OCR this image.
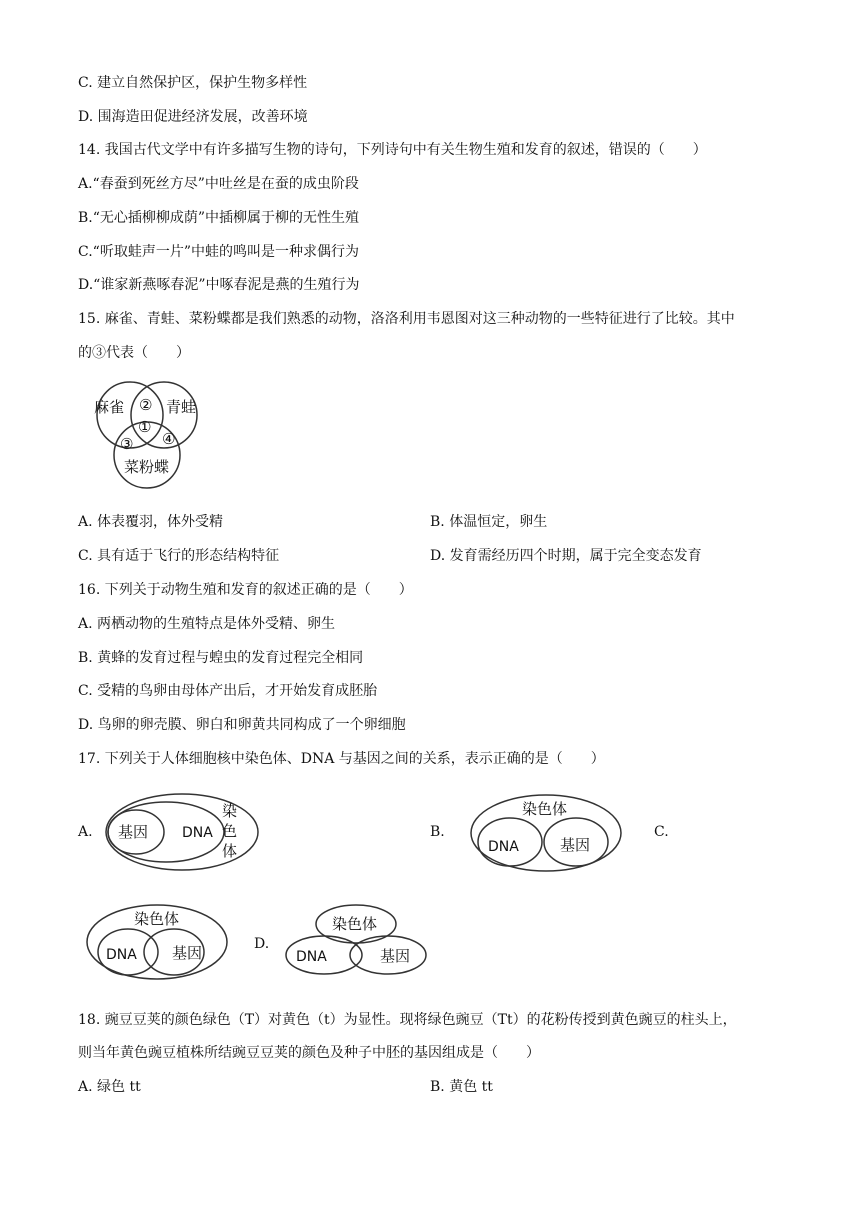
C. 建立自然保护区，保护生物多样性
D. 围海造田促进经济发展，改善环境
14. 我国古代文学中有许多描写生物的诗句，下列诗句中有关生物生殖和发育的叙述，错误的（　　）
A.“春蚕到死丝方尽”中吐丝是在蚕的成虫阶段
B.“无心插柳柳成荫”中插柳属于柳的无性生殖
C.“听取蛙声一片”中蛙的鸣叫是一种求偶行为
D.“谁家新燕啄春泥”中啄春泥是燕的生殖行为
15. 麻雀、青蛙、菜粉蝶都是我们熟悉的动物，洛洛利用韦恩图对这三种动物的一些特征进行了比较。其中
的③代表（　　）
麻雀	青蛙
菜粉蝶
②
①
③ ④
A. 体表覆羽，体外受精	B. 体温恒定，卵生
C. 具有适于飞行的形态结构特征	D. 发育需经历四个时期，属于完全变态发育
16. 下列关于动物生殖和发育的叙述正确的是（　　）
A. 两栖动物的生殖特点是体外受精、卵生
B. 黄蜂的发育过程与蝗虫的发育过程完全相同
C. 受精的鸟卵由母体产出后，才开始发育成胚胎
D. 鸟卵的卵壳膜、卵白和卵黄共同构成了一个卵细胞
17. 下列关于人体细胞核中染色体、DNA 与基因之间的关系，表示正确的是（　　）
A. 基因 DNA
染
色
体
B.
染色体
DNA	基因
C.
染色体
DNA 基因	D.
染色体
DNA	基因
18. 豌豆豆荚的颜色绿色（T）对黄色（t）为显性。现将绿色豌豆（Tt）的花粉传授到黄色豌豆的柱头上，
则当年黄色豌豆植株所结豌豆豆荚的颜色及种子中胚的基因组成是（　　）
A. 绿色 tt	B. 黄色 tt
